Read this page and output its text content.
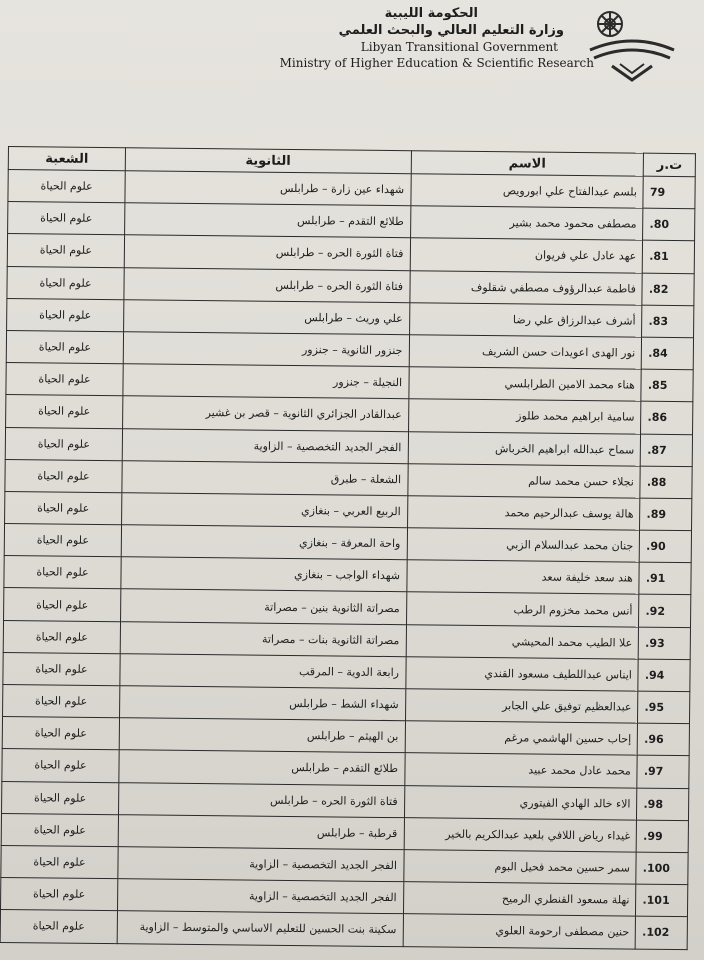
الحكومة الليبية
وزارة التعليم العالي والبحث العلمي
Libyan Transitional Government
Ministry of Higher Education & Scientific Research
ت.ر	الاسم	الثانوية	الشعبة
79	بلسم عبدالفتاح علي ابورويص	شهداء عين زارة – طرابلس	علوم الحياة
.80	مصطفى محمود محمد بشير	طلائع التقدم – طرابلس	علوم الحياة
.81	عهد عادل علي فريوان	فتاة الثورة الحره – طرابلس	علوم الحياة
.82	فاطمة عبدالرؤوف مصطفي شقلوف	فتاة الثورة الحره – طرابلس	علوم الحياة
.83	أشرف عبدالرزاق علي رضا	علي وريث – طرابلس	علوم الحياة
.84	نور الهدى اعويدات حسن الشريف	جنزور الثانوية – جنزور	علوم الحياة
.85	هناء محمد الامين الطرابلسي	النجيلة – جنزور	علوم الحياة
.86	سامية ابراهيم محمد طلوز	عبدالقادر الجزائري الثانوية – قصر بن غشير	علوم الحياة
.87	سماح عبدالله ابراهيم الخرباش	الفجر الجديد التخصصية – الزاوية	علوم الحياة
.88	نجلاء حسن محمد سالم	الشعلة – طبرق	علوم الحياة
.89	هالة يوسف عبدالرحيم محمد	الربيع العربي – بنغازي	علوم الحياة
.90	جنان محمد عبدالسلام الزبي	واحة المعرفة – بنغازي	علوم الحياة
.91	هند سعد خليفة سعد	شهداء الواجب – بنغازي	علوم الحياة
.92	أنس محمد مخزوم الرطب	مصراتة الثانوية بنين – مصراتة	علوم الحياة
.93	علا الطيب محمد المحيشي	مصراتة الثانوية بنات – مصراتة	علوم الحياة
.94	ايناس عبداللطيف مسعود القندي	رابعة الدوية – المرقب	علوم الحياة
.95	عبدالعظيم توفيق علي الجابر	شهداء الشط – طرابلس	علوم الحياة
.96	إحاب حسين الهاشمي مرغم	بن الهيثم – طرابلس	علوم الحياة
.97	محمد عادل محمد عبيد	طلائع التقدم – طرابلس	علوم الحياة
.98	الاء خالد الهادي الفيتوري	فتاة الثورة الحره – طرابلس	علوم الحياة
.99	غيداء رياض اللافي بلعيد عبدالكريم بالخير	قرطبة – طرابلس	علوم الحياة
.100	سمر حسين محمد فحيل البوم	الفجر الجديد التخصصية – الزاوية	علوم الحياة
.101	نهلة مسعود القنطري الرميح	الفجر الجديد التخصصية – الزاوية	علوم الحياة
.102	حنين مصطفى ارحومة العلوي	سكينة بنت الحسين للتعليم الاساسي والمتوسط – الزاوية	علوم الحياة
